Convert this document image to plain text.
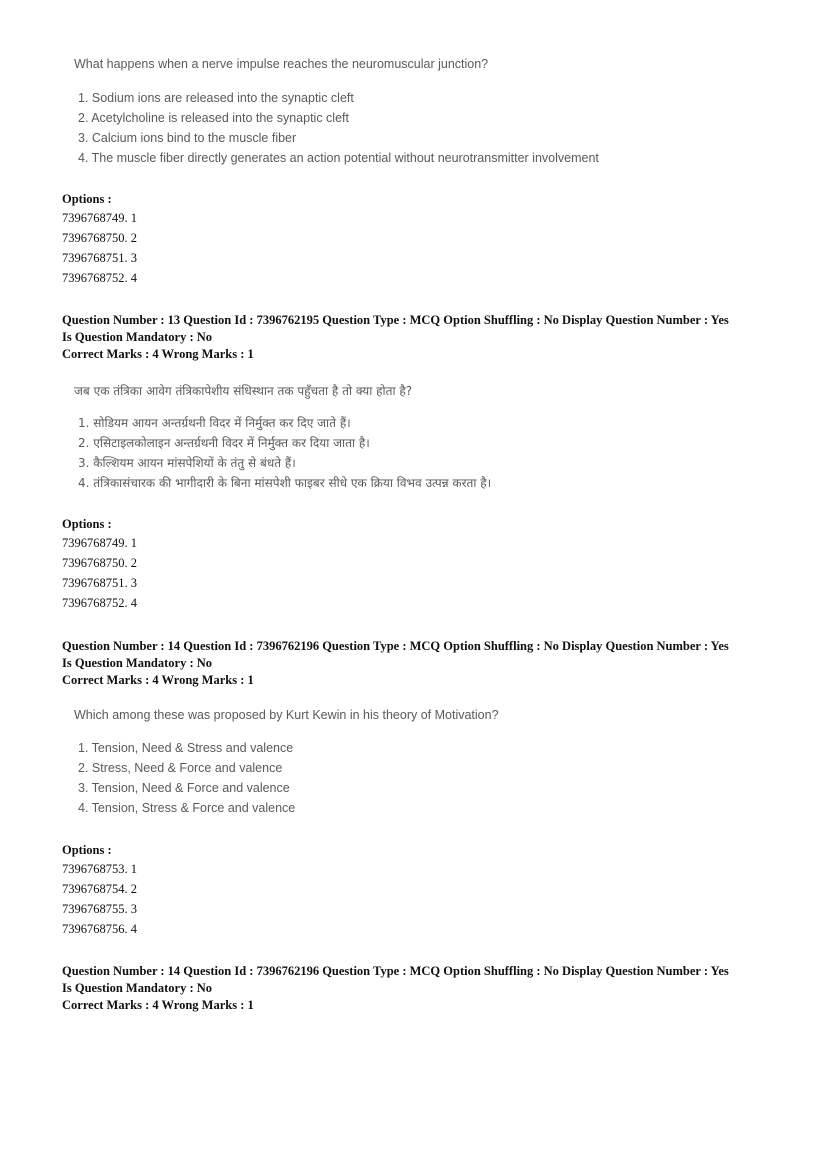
What happens when a nerve impulse reaches the neuromuscular junction?
1. Sodium ions are released into the synaptic cleft
2. Acetylcholine is released into the synaptic cleft
3. Calcium ions bind to the muscle fiber
4. The muscle fiber directly generates an action potential without neurotransmitter involvement
Options :
7396768749. 1
7396768750. 2
7396768751. 3
7396768752. 4
Question Number : 13 Question Id : 7396762195 Question Type : MCQ Option Shuffling : No Display Question Number : Yes
Is Question Mandatory : No
Correct Marks : 4 Wrong Marks : 1
जब एक तंत्रिका आवेग तंत्रिकापेशीय संधिस्थान तक पहुँचता है तो क्या होता है?
1. सोडियम आयन अन्तर्ग्रथनी विदर में निर्मुक्त कर दिए जाते हैं।
2. एसिटाइलकोलाइन अन्तर्ग्रथनी विदर में निर्मुक्त कर दिया जाता है।
3. कैल्शियम आयन मांसपेशियों के तंतु से बंधते हैं।
4. तंत्रिकासंचारक की भागीदारी के बिना मांसपेशी फाइबर सीधे एक क्रिया विभव उत्पन्न करता है।
Options :
7396768749. 1
7396768750. 2
7396768751. 3
7396768752. 4
Question Number : 14 Question Id : 7396762196 Question Type : MCQ Option Shuffling : No Display Question Number : Yes
Is Question Mandatory : No
Correct Marks : 4 Wrong Marks : 1
Which among these was proposed by Kurt Kewin in his theory of Motivation?
1. Tension, Need & Stress and valence
2. Stress, Need & Force and valence
3. Tension, Need & Force and valence
4. Tension, Stress & Force and valence
Options :
7396768753. 1
7396768754. 2
7396768755. 3
7396768756. 4
Question Number : 14 Question Id : 7396762196 Question Type : MCQ Option Shuffling : No Display Question Number : Yes
Is Question Mandatory : No
Correct Marks : 4 Wrong Marks : 1
